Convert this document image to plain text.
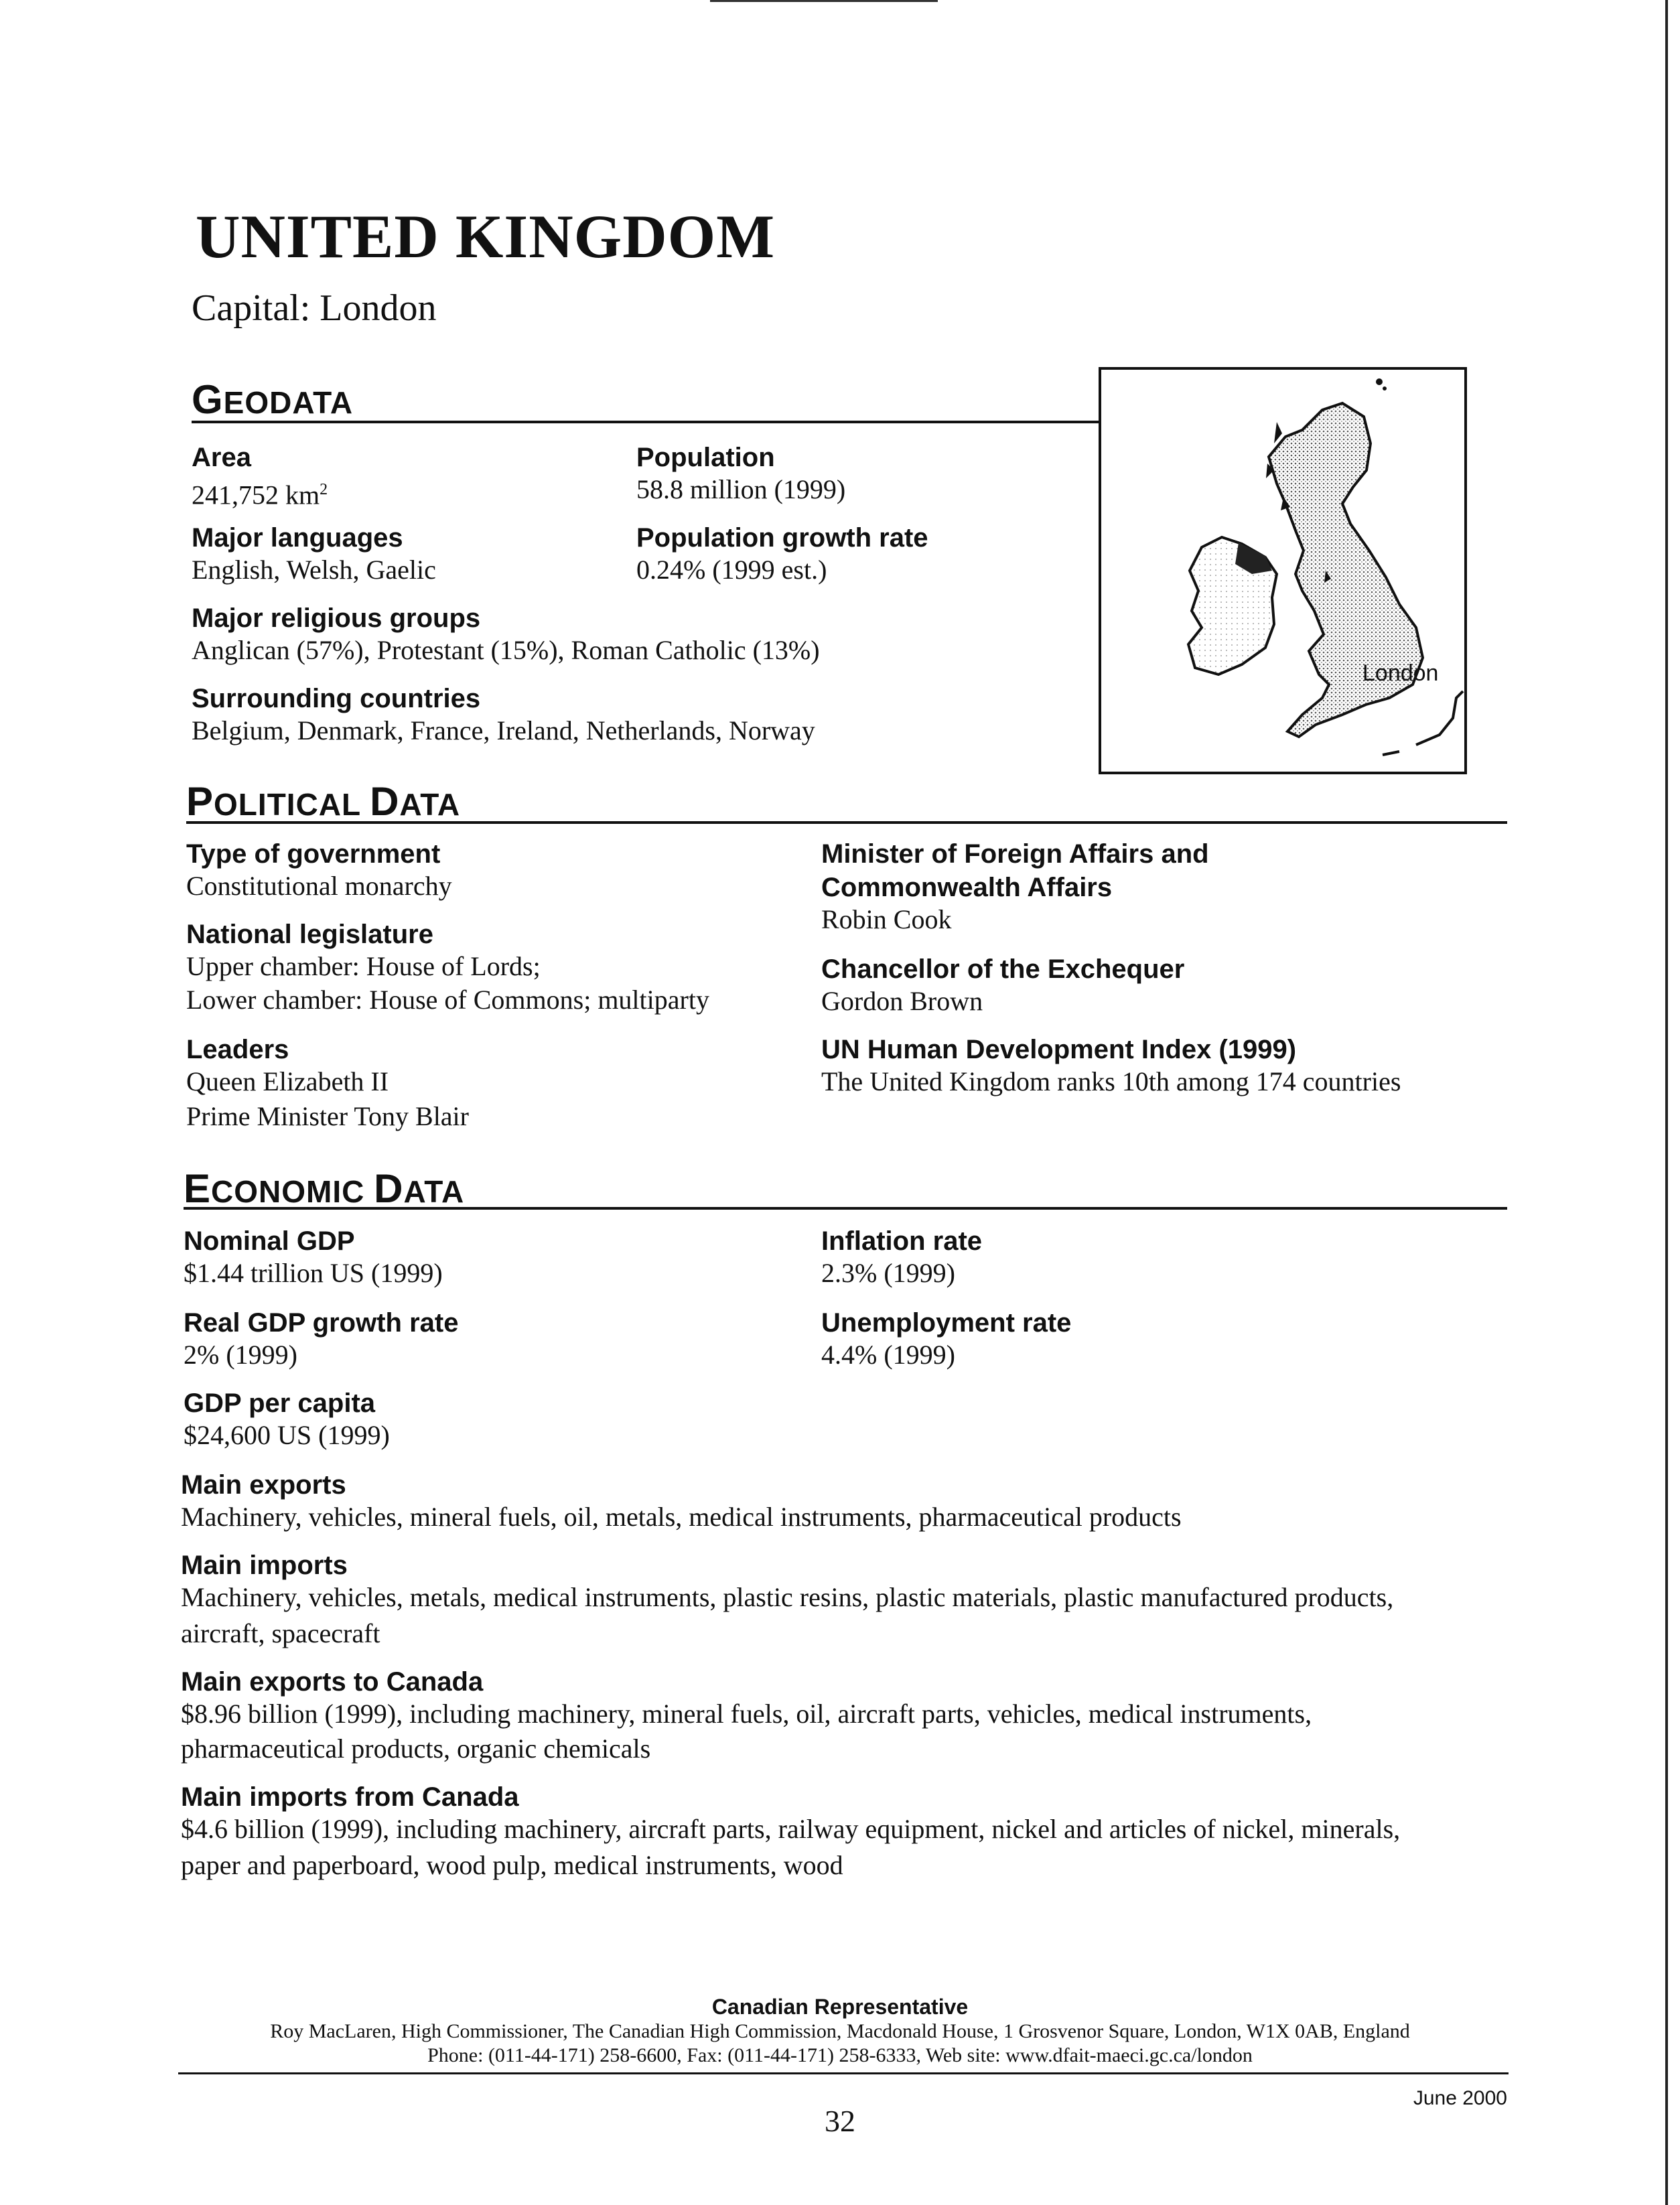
UNITED KINGDOM
Capital: London
GEODATA
Area
241,752 $km^2$
Population
58.8 million (1999)
Major languages
English, Welsh, Gaelic
Population growth rate
0.24% (1999 est.)
Major religious groups
Anglican (57%), Protestant (15%), Roman Catholic (13%)
Surrounding countries
Belgium, Denmark, France, Ireland, Netherlands, Norway
London
POLITICAL DATA
Type of government
Constitutional monarchy
National legislature
Upper chamber: House of Lords;
Lower chamber: House of Commons; multiparty
Leaders
Queen Elizabeth II
Prime Minister Tony Blair
Minister of Foreign Affairs and
Commonwealth Affairs
Robin Cook
Chancellor of the Exchequer
Gordon Brown
UN Human Development Index (1999)
The United Kingdom ranks 10th among 174 countries
ECONOMIC DATA
Nominal GDP
$1.44 trillion US (1999)
Real GDP growth rate
2% (1999)
GDP per capita
$24,600 US (1999)
Inflation rate
2.3% (1999)
Unemployment rate
4.4% (1999)
Main exports
Machinery, vehicles, mineral fuels, oil, metals, medical instruments, pharmaceutical products
Main imports
Machinery, vehicles, metals, medical instruments, plastic resins, plastic materials, plastic manufactured products,
aircraft, spacecraft
Main exports to Canada
$8.96 billion (1999), including machinery, mineral fuels, oil, aircraft parts, vehicles, medical instruments,
pharmaceutical products, organic chemicals
Main imports from Canada
$4.6 billion (1999), including machinery, aircraft parts, railway equipment, nickel and articles of nickel, minerals,
paper and paperboard, wood pulp, medical instruments, wood
Canadian Representative
Roy MacLaren, High Commissioner, The Canadian High Commission, Macdonald House, 1 Grosvenor Square, London, W1X 0AB, England
Phone: (011-44-171) 258-6600, Fax: (011-44-171) 258-6333, Web site: www.dfait-maeci.gc.ca/london
June 2000
32
